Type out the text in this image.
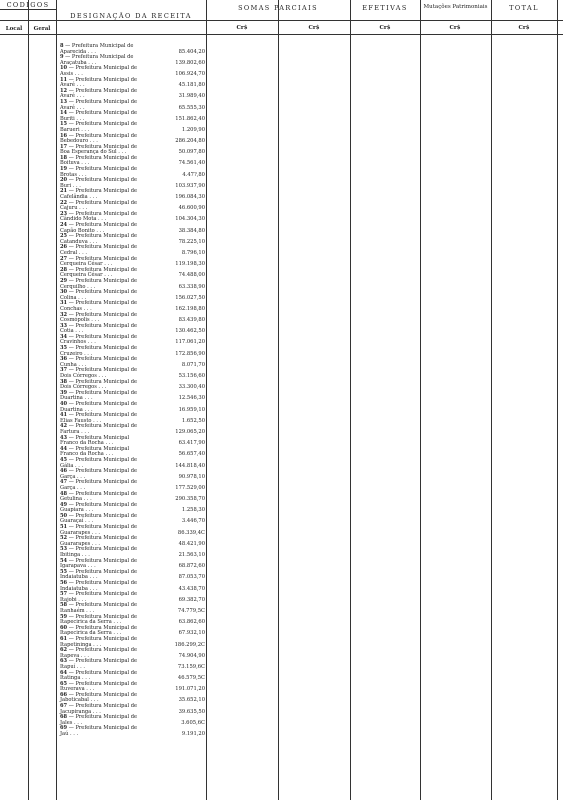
CODIGOS
Local	Geral
DESIGNAÇÃO DA RECEITA
SOMAS PARCIAIS	EFETIVAS	Mutações Patrimoniais	TOTAL
Cr$	Cr$	Cr$	Cr$	Cr$
8 — Prefeitura Municipal de Aparecida . . .	85.404,20
9 — Prefeitura Municipal de Araçatuba . . .	139.802,60
10 — Prefeitura Municipal de Assis . . .	106.924,70
11 — Prefeitura Municipal de Avaré . . .	45.181,80
12 — Prefeitura Municipal de Avaré . . .	31.989,40
13 — Prefeitura Municipal de Avaré . . .	65.555,30
14 — Prefeitura Municipal de Buriti . . .	151.862,40
15 — Prefeitura Municipal de Barueri . . .	1.209,90
16 — Prefeitura Municipal de Bebedouro . . .	286.204,80
17 — Prefeitura Municipal de Boa Esperança do Sul . . .	50.097,80
18 — Prefeitura Municipal de Boituva . . .	74.561,40
19 — Prefeitura Municipal de Brotas . . .	4.47?,80
20 — Prefeitura Municipal de Buri . . .	103.937,90
21 — Prefeitura Municipal de Cafelândia . . .	196.084,30
22 — Prefeitura Municipal de Cajuru . . .	46.600,90
23 — Prefeitura Municipal de Cândido Mota . . .	104.304,30
24 — Prefeitura Municipal de Capão Bonito . . .	38.384,80
25 — Prefeitura Municipal de Catanduva . . .	78.225,10
26 — Prefeitura Municipal de Cedral . . .	8.796,10
27 — Prefeitura Municipal de Cerqueira César . . .	119.198,30
28 — Prefeitura Municipal de Cerqueira César . . .	74.488,00
29 — Prefeitura Municipal de Cerquilho . . .	63.338,90
30 — Prefeitura Municipal de Colina . . .	156.027,50
31 — Prefeitura Municipal de Conchas . . .	162.198,80
32 — Prefeitura Municipal de Cosmópolis . . .	83.439,80
33 — Prefeitura Municipal de Cotia . . .	130.462,50
34 — Prefeitura Municipal de Cravinhos . . .	117.061,20
35 — Prefeitura Municipal de Cruzeiro . . .	172.856,90
36 — Prefeitura Municipal de Cunha . . .	8.071,70
37 — Prefeitura Municipal de Dois Córregos . . .	53.156,60
38 — Prefeitura Municipal de Dois Córregos . . .	33.300,40
39 — Prefeitura Municipal de Duartina . . .	12.546,30
40 — Prefeitura Municipal de Duartina . . .	16.959,10
41 — Prefeitura Municipal de Elias Fausto . . .	1.652,50
42 — Prefeitura Municipal de Fartura . . .	129.065,20
43 — Prefeitura Municipal Franco da Rocha . . .	63.417,90
44 — Prefeitura Municipal Franco da Rocha . . .	56.657,40
45 — Prefeitura Municipal de Gália . . .	144.818,40
46 — Prefeitura Municipal de Garça . . .	90.978,10
47 — Prefeitura Municipal de Garça . . .	177.529,00
48 — Prefeitura Municipal de Getulina . . .	290.358,70
49 — Prefeitura Municipal de Guapiara . . .	1.258,30
50 — Prefeitura Municipal de Guaraçaí . . .	3.446,70
51 — Prefeitura Municipal de Guararapes . . .	86.339,4C
52 — Prefeitura Municipal de Guararapes . . .	48.421,90
53 — Prefeitura Municipal de Ibitinga . . .	21.563,10
54 — Prefeitura Municipal de Igarapava . . .	68.872,60
55 — Prefeitura Municipal de Indaiatuba . . .	87.053,70
56 — Prefeitura Municipal de Indaiatuba . . .	43.438,70
57 — Prefeitura Municipal de Itajobi . . .	69.382,70
58 — Prefeitura Municipal de Itanhaém . . .	74.779,5C
59 — Prefeitura Municipal de Itapecirica da Serra . . .	63.862,60
60 — Prefeitura Municipal de Itapecirica da Serra . . .	67.932,10
61 — Prefeitura Municipal de Itapetininga . . .	186.299,2C
62 — Prefeitura Municipal de Itapeva . . .	74.904,90
63 — Prefeitura Municipal de Itapuí . . .	73.159,6C
64 — Prefeitura Municipal de Itatinga . . .	46.579,5C
65 — Prefeitura Municipal de Ituverava . . .	191.071,20
66 — Prefeitura Municipal de Jaboticabal . . .	35.652,10
67 — Prefeitura Municipal de Jacupiranga . . .	39.635,50
68 — Prefeitura Municipal de Jales . . .	3.605,6C
69 — Prefeitura Municipal de Jaú . . .	9.191,20
